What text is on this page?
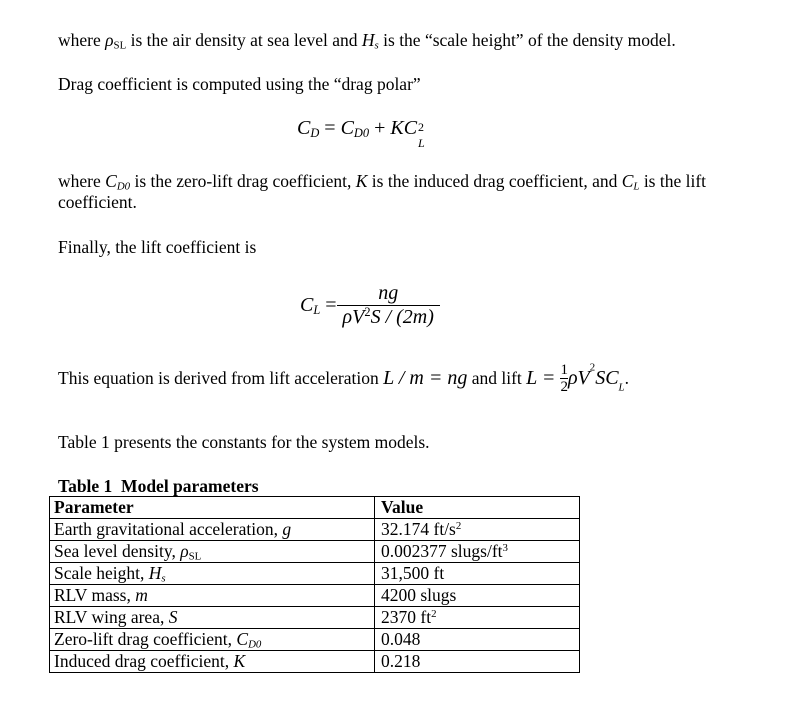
where $\rho_{SL}$ is the air density at sea level and $H_s$ is the “scale height” of the density model.
Drag coefficient is computed using the “drag polar”
$C_D = C_{D0}$ + KC 2
L
where $C_{D0}$ is the zero-lift drag coefficient, K is the induced drag coefficient, and $C_L$ is the lift
coefficient.
Finally, the lift coefficient is
$C_L = \frac{ng}{\rho V^2S / (2m)}$
This equation is derived from lift acceleration L / m = ng and lift $L = \frac{1}{2} \rho V^2SC_L$.
Table 1 presents the constants for the system models.
Table 1  Model parameters
Parameter	Value
Earth gravitational acceleration, g	32.174 $ft/s^2$
Sea level density, $\rho_{SL}$	0.002377 slugs/$ft^3$
Scale height, $H_s$	31,500 ft
RLV mass, m	4200 slugs
RLV wing area, S	2370 $ft^2$
Zero-lift drag coefficient, $C_{D0}$	0.048
Induced drag coefficient, K	0.218
